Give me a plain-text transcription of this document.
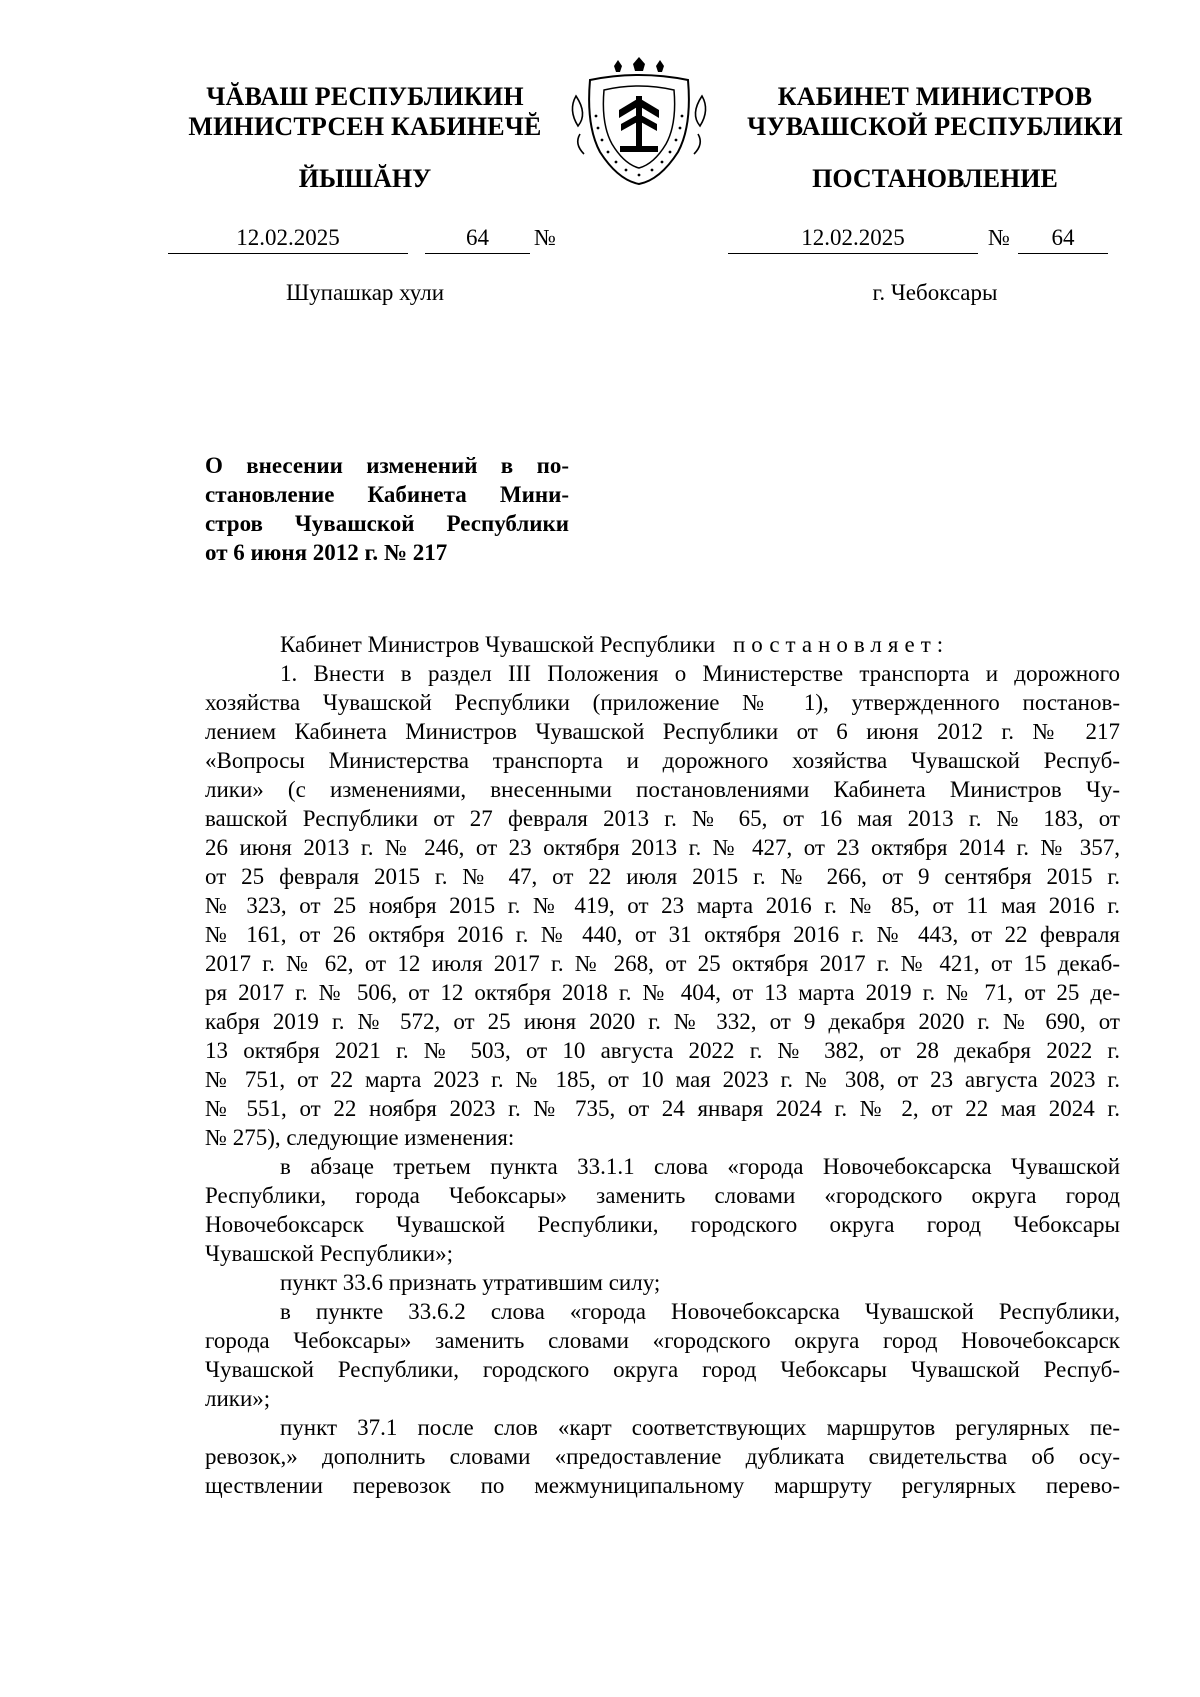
ЧĂВАШ РЕСПУБЛИКИН
МИНИСТРСЕН КАБИНЕЧĔ
ЙЫШĂНУ
КАБИНЕТ МИНИСТРОВ
ЧУВАШСКОЙ РЕСПУБЛИКИ
ПОСТАНОВЛЕНИЕ
12.02.2025	64	№	12.02.2025	№	64
Шупашкар хули	г. Чебоксары
О внесении изменений в по-
становление Кабинета Мини-
стров Чувашской Республики
от 6 июня 2012 г. № 217
Кабинет Министров Чувашской Республики постановляет:
1. Внести в раздел III Положения о Министерстве транспорта и дорожного
хозяйства Чувашской Республики (приложение № 1), утвержденного постанов-
лением Кабинета Министров Чувашской Республики от 6 июня 2012 г. № 217
«Вопросы Министерства транспорта и дорожного хозяйства Чувашской Респуб-
лики» (с изменениями, внесенными постановлениями Кабинета Министров Чу-
вашской Республики от 27 февраля 2013 г. № 65, от 16 мая 2013 г. № 183, от
26 июня 2013 г. № 246, от 23 октября 2013 г. № 427, от 23 октября 2014 г. № 357,
от 25 февраля 2015 г. № 47, от 22 июля 2015 г. № 266, от 9 сентября 2015 г.
№ 323, от 25 ноября 2015 г. № 419, от 23 марта 2016 г. № 85, от 11 мая 2016 г.
№ 161, от 26 октября 2016 г. № 440, от 31 октября 2016 г. № 443, от 22 февраля
2017 г. № 62, от 12 июля 2017 г. № 268, от 25 октября 2017 г. № 421, от 15 декаб-
ря 2017 г. № 506, от 12 октября 2018 г. № 404, от 13 марта 2019 г. № 71, от 25 де-
кабря 2019 г. № 572, от 25 июня 2020 г. № 332, от 9 декабря 2020 г. № 690, от
13 октября 2021 г. № 503, от 10 августа 2022 г. № 382, от 28 декабря 2022 г.
№ 751, от 22 марта 2023 г. № 185, от 10 мая 2023 г. № 308, от 23 августа 2023 г.
№ 551, от 22 ноября 2023 г. № 735, от 24 января 2024 г. № 2, от 22 мая 2024 г.
№ 275), следующие изменения:
в абзаце третьем пункта 33.1.1 слова «города Новочебоксарска Чувашской
Республики, города Чебоксары» заменить словами «городского округа город
Новочебоксарск Чувашской Республики, городского округа город Чебоксары
Чувашской Республики»;
пункт 33.6 признать утратившим силу;
в пункте 33.6.2 слова «города Новочебоксарска Чувашской Республики,
города Чебоксары» заменить словами «городского округа город Новочебоксарск
Чувашской Республики, городского округа город Чебоксары Чувашской Респуб-
лики»;
пункт 37.1 после слов «карт соответствующих маршрутов регулярных пе-
ревозок,» дополнить словами «предоставление дубликата свидетельства об осу-
ществлении перевозок по межмуниципальному маршруту регулярных перево-
